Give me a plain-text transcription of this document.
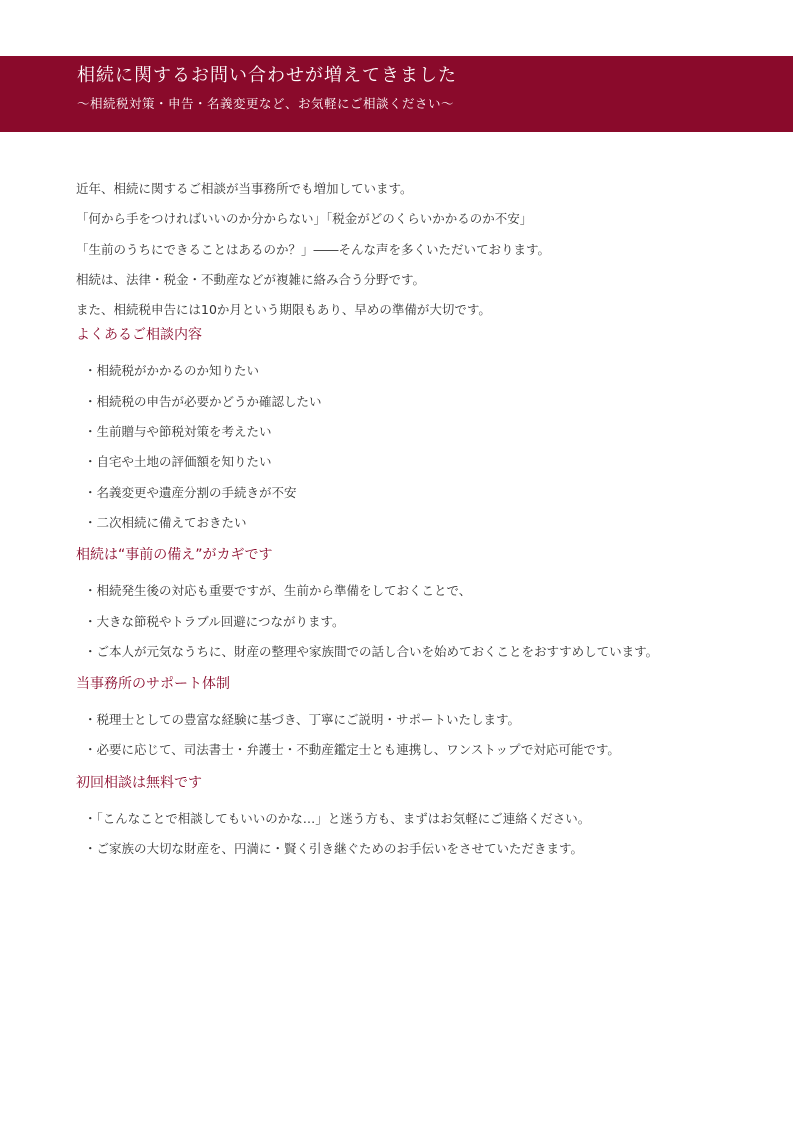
相続に関するお問い合わせが増えてきました
～相続税対策・申告・名義変更など、お気軽にご相談ください～

近年、相続に関するご相談が当事務所でも増加しています。

「何から手をつければいいのか分からない」「税金がどのくらいかかるのか不安」

「生前のうちにできることはあるのか？」――そんな声を多くいただいております。

相続は、法律・税金・不動産などが複雑に絡み合う分野です。

また、相続税申告には10か月という期限もあり、早めの準備が大切です。

よくあるご相談内容
・相続税がかかるのか知りたい
・相続税の申告が必要かどうか確認したい
・生前贈与や節税対策を考えたい
・自宅や土地の評価額を知りたい
・名義変更や遺産分割の手続きが不安
・二次相続に備えておきたい
相続は“事前の備え”がカギです
・相続発生後の対応も重要ですが、生前から準備をしておくことで、
・大きな節税やトラブル回避につながります。
・ご本人が元気なうちに、財産の整理や家族間での話し合いを始めておくことをおすすめしています。
当事務所のサポート体制
・税理士としての豊富な経験に基づき、丁寧にご説明・サポートいたします。
・必要に応じて、司法書士・弁護士・不動産鑑定士とも連携し、ワンストップで対応可能です。
初回相談は無料です
・「こんなことで相談してもいいのかな…」と迷う方も、まずはお気軽にご連絡ください。
・ご家族の大切な財産を、円満に・賢く引き継ぐためのお手伝いをさせていただきます。
